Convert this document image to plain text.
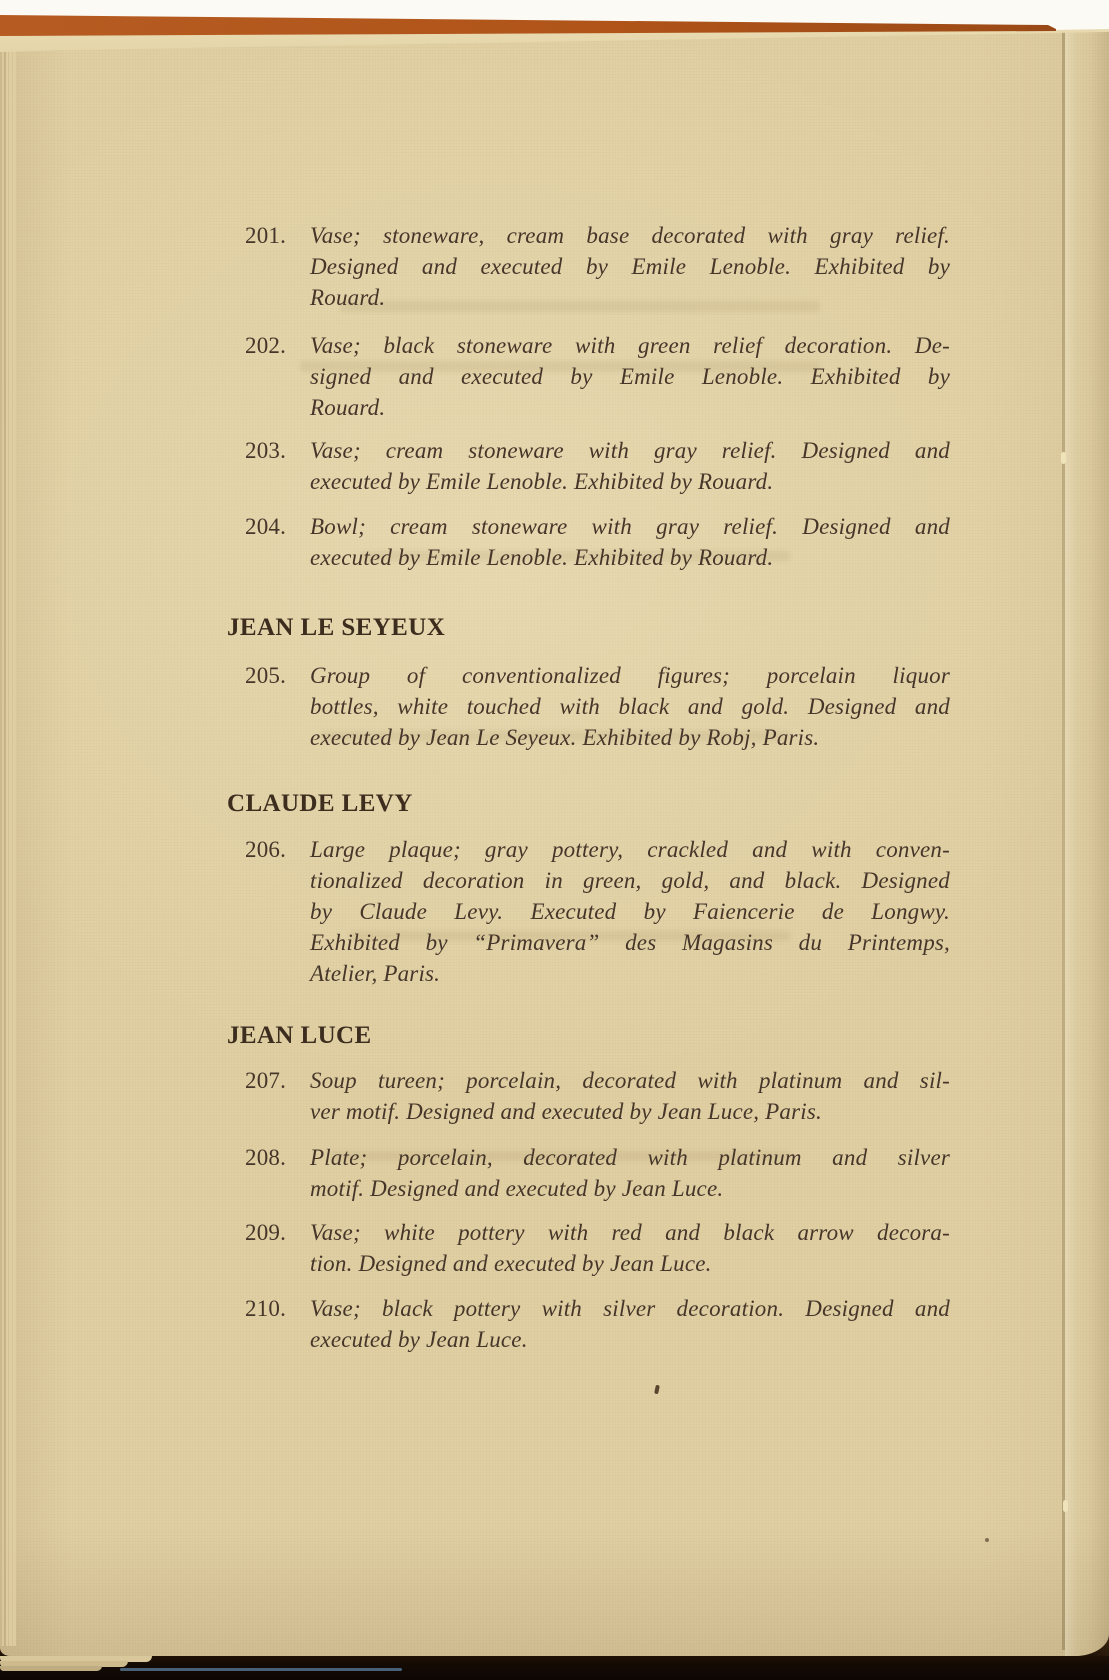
201. Vase; stoneware, cream base decorated with gray relief.
Designed and executed by Emile Lenoble. Exhibited by
Rouard.
202. Vase; black stoneware with green relief decoration. De-
signed and executed by Emile Lenoble. Exhibited by
Rouard.
203. Vase; cream stoneware with gray relief. Designed and
executed by Emile Lenoble. Exhibited by Rouard.
204. Bowl; cream stoneware with gray relief. Designed and
executed by Emile Lenoble. Exhibited by Rouard.
JEAN LE SEYEUX
205. Group of conventionalized figures; porcelain liquor
bottles, white touched with black and gold. Designed and
executed by Jean Le Seyeux. Exhibited by Robj, Paris.
CLAUDE LEVY
206. Large plaque; gray pottery, crackled and with conven-
tionalized decoration in green, gold, and black. Designed
by Claude Levy. Executed by Faiencerie de Longwy.
Exhibited by “Primavera” des Magasins du Printemps,
Atelier, Paris.
JEAN LUCE
207. Soup tureen; porcelain, decorated with platinum and sil-
ver motif. Designed and executed by Jean Luce, Paris.
208. Plate; porcelain, decorated with platinum and silver
motif. Designed and executed by Jean Luce.
209. Vase; white pottery with red and black arrow decora-
tion. Designed and executed by Jean Luce.
210. Vase; black pottery with silver decoration. Designed and
executed by Jean Luce.
